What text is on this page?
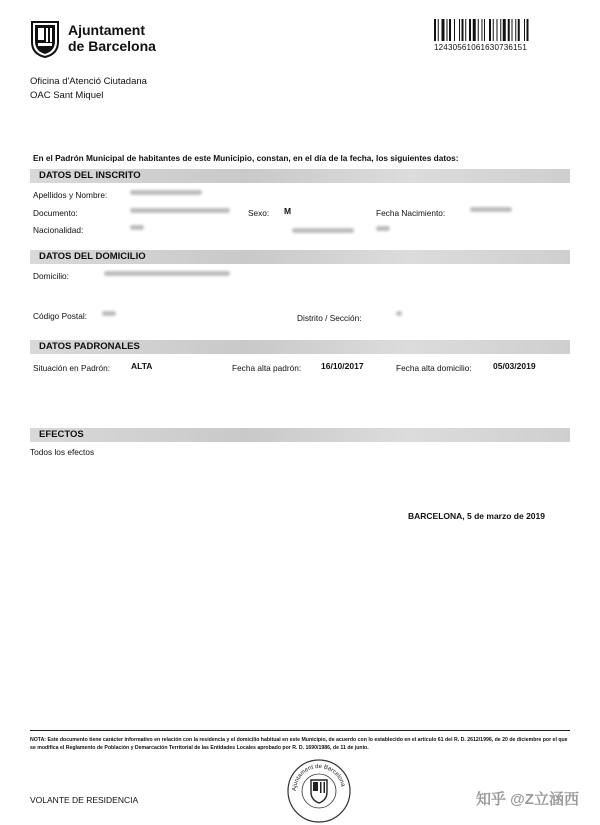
Ajuntament
de Barcelona	12430561061630736151
Oficina d'Atenció Ciutadana
OAC Sant Miquel
En el Padrón Municipal de habitantes de este Municipio, constan, en el día de la fecha, los siguientes datos:
DATOS DEL INSCRITO
Apellidos y Nombre:
Documento:	Sexo: M	Fecha Nacimiento:
Nacionalidad:
DATOS DEL DOMICILIO
Domicilio:
Código Postal:	Distrito / Sección:
DATOS PADRONALES
Situación en Padrón: ALTA	Fecha alta padrón: 16/10/2017	Fecha alta domicilio:	05/03/2019
EFECTOS
Todos los efectos
BARCELONA, 5 de marzo de 2019
NOTA: Este documento tiene carácter informativo en relación con la residencia y el domicilio habitual en este Municipio, de acuerdo con lo establecido en el artículo 61 del R. D. 2612/1996, de 20 de diciembre por el que se modifica el Reglamento de Población y Demarcación Territorial de las Entidades Locales aprobado por R. D. 1690/1986, de 11 de junio.
VOLANTE DE RESIDENCIA
Ajuntament de Barcelona
知乎 @Z立涵西
